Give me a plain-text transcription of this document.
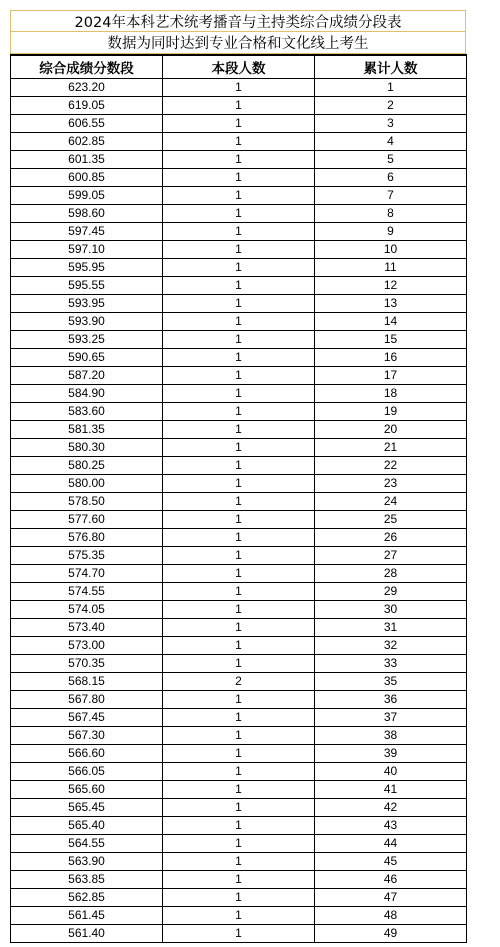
2024年本科艺术统考播音与主持类综合成绩分段表
数据为同时达到专业合格和文化线上考生
综合成绩分数段	本段人数	累计人数
623.20	1	1
619.05	1	2
606.55	1	3
602.85	1	4
601.35	1	5
600.85	1	6
599.05	1	7
598.60	1	8
597.45	1	9
597.10	1	10
595.95	1	11
595.55	1	12
593.95	1	13
593.90	1	14
593.25	1	15
590.65	1	16
587.20	1	17
584.90	1	18
583.60	1	19
581.35	1	20
580.30	1	21
580.25	1	22
580.00	1	23
578.50	1	24
577.60	1	25
576.80	1	26
575.35	1	27
574.70	1	28
574.55	1	29
574.05	1	30
573.40	1	31
573.00	1	32
570.35	1	33
568.15	2	35
567.80	1	36
567.45	1	37
567.30	1	38
566.60	1	39
566.05	1	40
565.60	1	41
565.45	1	42
565.40	1	43
564.55	1	44
563.90	1	45
563.85	1	46
562.85	1	47
561.45	1	48
561.40	1	49
